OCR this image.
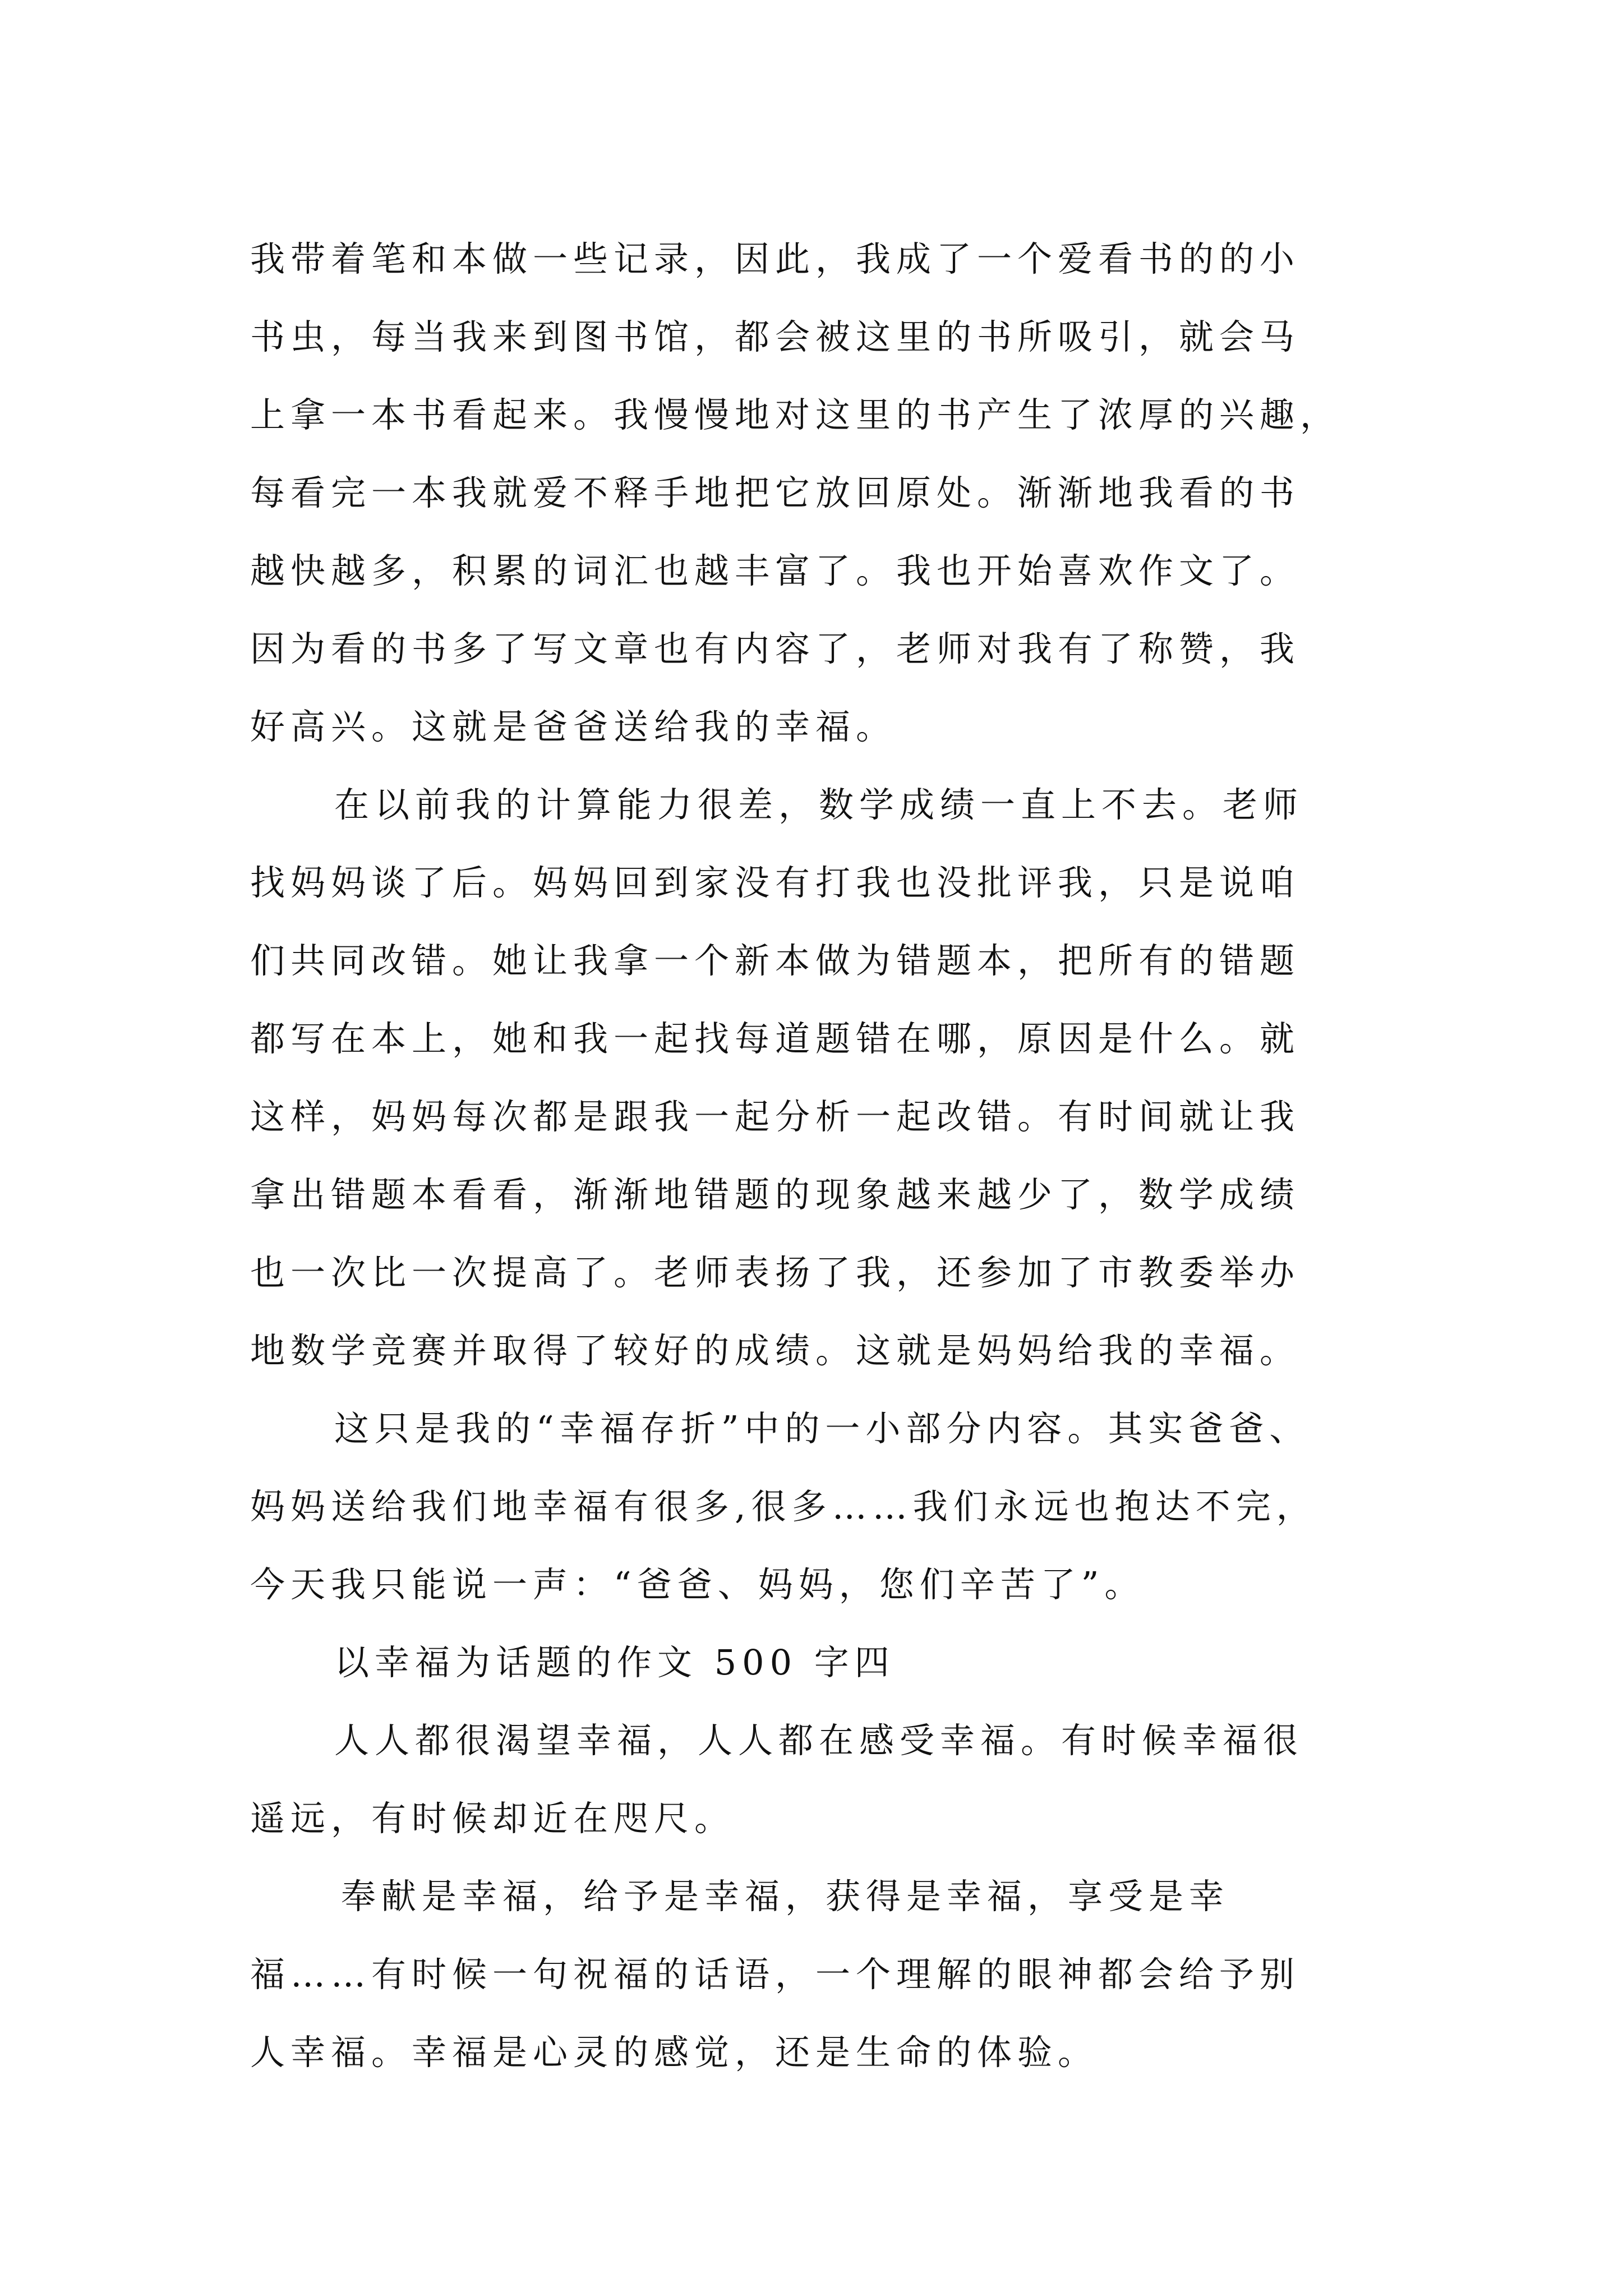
我带着笔和本做一些记录，因此，我成了一个爱看书的的小
书虫，每当我来到图书馆，都会被这里的书所吸引，就会马
上拿一本书看起来。我慢慢地对这里的书产生了浓厚的兴趣，
每看完一本我就爱不释手地把它放回原处。渐渐地我看的书
越快越多，积累的词汇也越丰富了。我也开始喜欢作文了。
因为看的书多了写文章也有内容了，老师对我有了称赞，我
好高兴。这就是爸爸送给我的幸福。
在以前我的计算能力很差，数学成绩一直上不去。老师
找妈妈谈了后。妈妈回到家没有打我也没批评我，只是说咱
们共同改错。她让我拿一个新本做为错题本，把所有的错题
都写在本上，她和我一起找每道题错在哪，原因是什么。就
这样，妈妈每次都是跟我一起分析一起改错。有时间就让我
拿出错题本看看，渐渐地错题的现象越来越少了，数学成绩
也一次比一次提高了。老师表扬了我，还参加了市教委举办
地数学竞赛并取得了较好的成绩。这就是妈妈给我的幸福。
这只是我的“幸福存折”中的一小部分内容。其实爸爸、
妈妈送给我们地幸福有很多,很多……我们永远也抱达不完，
今天我只能说一声：“爸爸、妈妈，您们辛苦了”。
以幸福为话题的作文 500 字四
人人都很渴望幸福，人人都在感受幸福。有时候幸福很
遥远，有时候却近在咫尺。
奉献是幸福，给予是幸福，获得是幸福，享受是幸
福……有时候一句祝福的话语，一个理解的眼神都会给予别
人幸福。幸福是心灵的感觉，还是生命的体验。
